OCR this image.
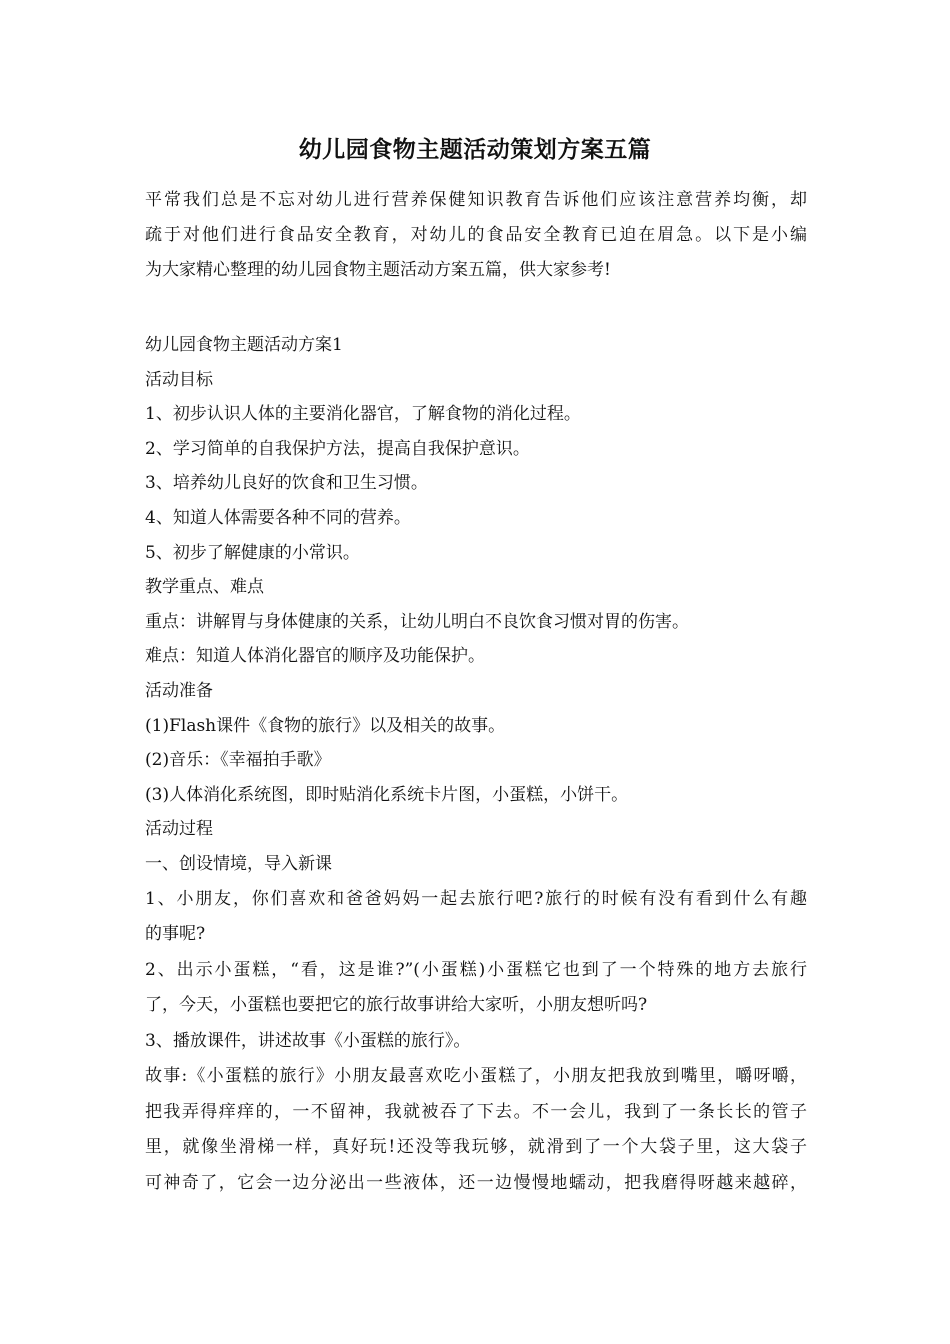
幼儿园食物主题活动策划方案五篇
平常我们总是不忘对幼儿进行营养保健知识教育告诉他们应该注意营养均衡，却
疏于对他们进行食品安全教育，对幼儿的食品安全教育已迫在眉急。以下是小编
为大家精心整理的幼儿园食物主题活动方案五篇，供大家参考!
幼儿园食物主题活动方案1
活动目标
1、初步认识人体的主要消化器官，了解食物的消化过程。
2、学习简单的自我保护方法，提高自我保护意识。
3、培养幼儿良好的饮食和卫生习惯。
4、知道人体需要各种不同的营养。
5、初步了解健康的小常识。
教学重点、难点
重点：讲解胃与身体健康的关系，让幼儿明白不良饮食习惯对胃的伤害。
难点：知道人体消化器官的顺序及功能保护。
活动准备
(1)Flash课件《食物的旅行》以及相关的故事。
(2)音乐：《幸福拍手歌》
(3)人体消化系统图，即时贴消化系统卡片图，小蛋糕，小饼干。
活动过程
一、创设情境，导入新课
1、小朋友，你们喜欢和爸爸妈妈一起去旅行吧?旅行的时候有没有看到什么有趣
的事呢?
2、出示小蛋糕，“看，这是谁?”(小蛋糕)小蛋糕它也到了一个特殊的地方去旅行
了，今天，小蛋糕也要把它的旅行故事讲给大家听，小朋友想听吗?
3、播放课件，讲述故事《小蛋糕的旅行》。
故事:《小蛋糕的旅行》小朋友最喜欢吃小蛋糕了，小朋友把我放到嘴里，嚼呀嚼，
把我弄得痒痒的，一不留神，我就被吞了下去。不一会儿，我到了一条长长的管子
里，就像坐滑梯一样，真好玩!还没等我玩够，就滑到了一个大袋子里，这大袋子
可神奇了，它会一边分泌出一些液体，还一边慢慢地蠕动，把我磨得呀越来越碎，
